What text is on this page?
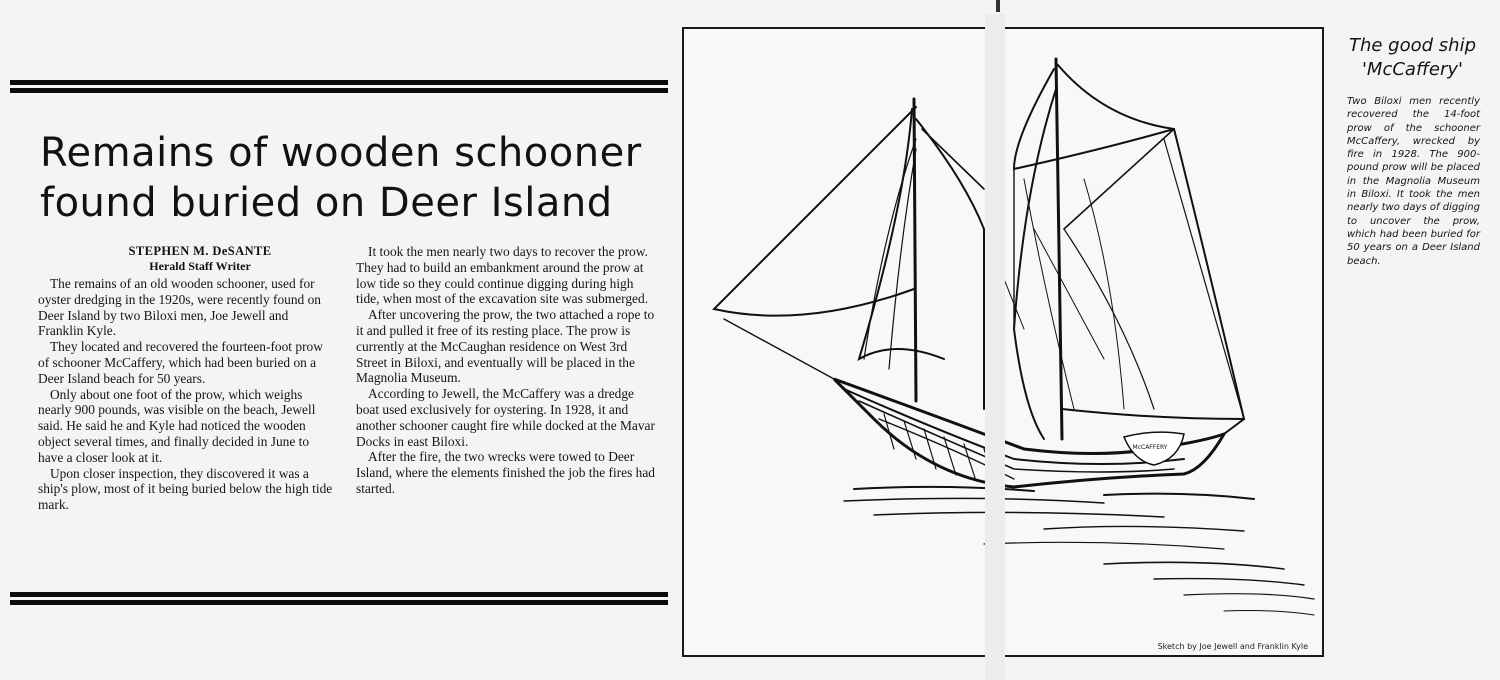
Remains of wooden schooner found buried on Deer Island
STEPHEN M. DeSANTE
Herald Staff Writer

The remains of an old wooden schooner, used for oyster dredging in the 1920s, were recently found on Deer Island by two Biloxi men, Joe Jewell and Franklin Kyle.

They located and recovered the fourteen-foot prow of schooner McCaffery, which had been buried on a Deer Island beach for 50 years.

Only about one foot of the prow, which weighs nearly 900 pounds, was visible on the beach, Jewell said. He said he and Kyle had noticed the wooden object several times, and finally decided in June to have a closer look at it.

Upon closer inspection, they discovered it was a ship's plow, most of it being buried below the high tide mark.

It took the men nearly two days to recover the prow. They had to build an embankment around the prow at low tide so they could continue digging during high tide, when most of the excavation site was submerged.

After uncovering the prow, the two attached a rope to it and pulled it free of its resting place. The prow is currently at the McCaughan residence on West 3rd Street in Biloxi, and eventually will be placed in the Magnolia Museum.

According to Jewell, the McCaffery was a dredge boat used exclusively for oystering. In 1928, it and another schooner caught fire while docked at the Mavar Docks in east Biloxi.

After the fire, the two wrecks were towed to Deer Island, where the elements finished the job the fires had started.

McCAFFERY
Sketch by Joe Jewell and Franklin Kyle
The good ship
'McCaffery'
Two Biloxi men recently recovered the 14-foot prow of the schooner McCaffery, wrecked by fire in 1928. The 900-pound prow will be placed in the Magnolia Museum in Biloxi. It took the men nearly two days of digging to uncover the prow, which had been buried for 50 years on a Deer Island beach.
